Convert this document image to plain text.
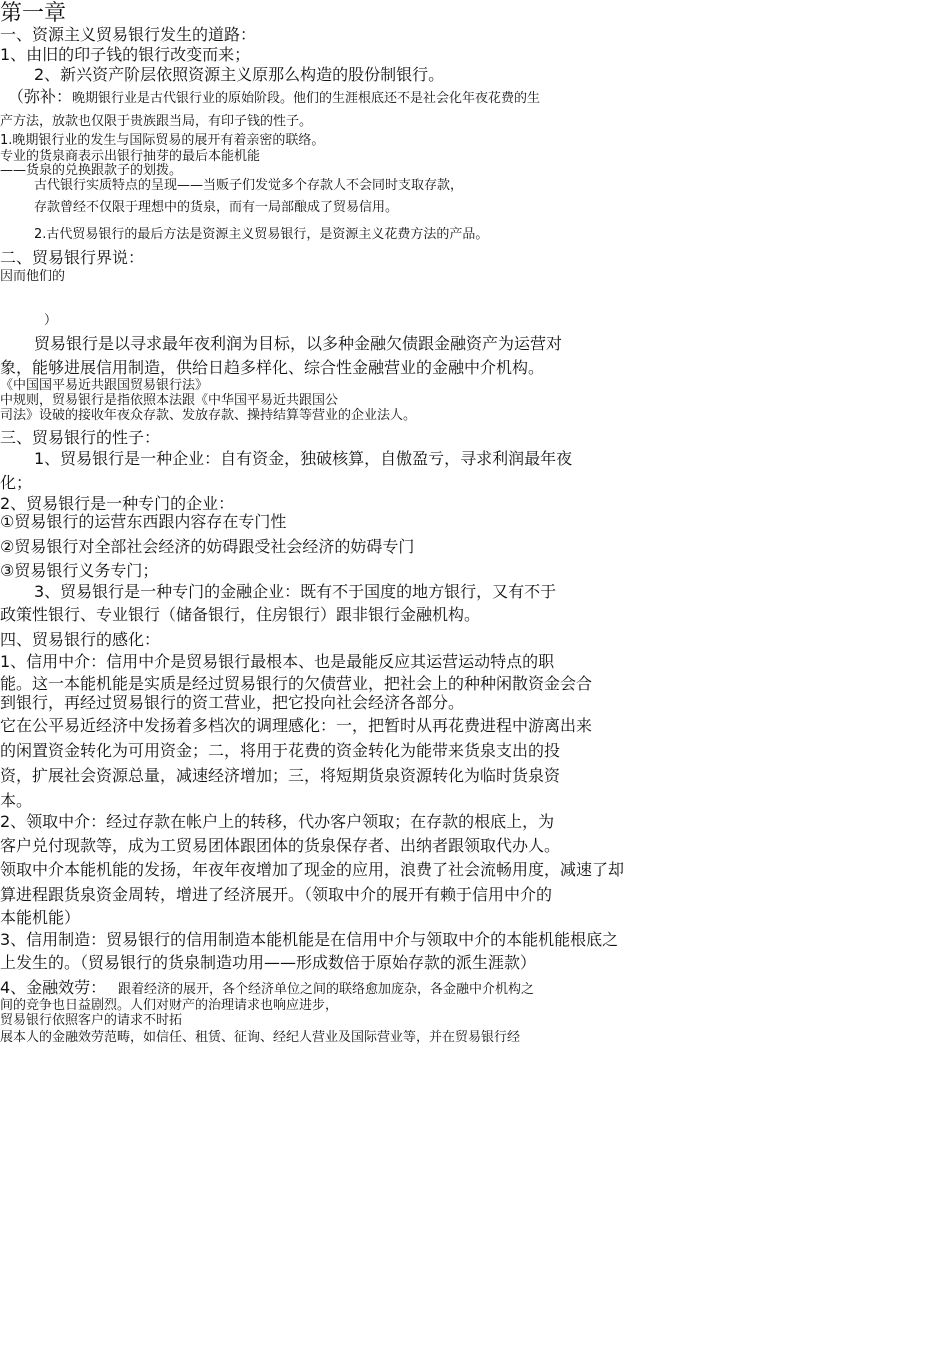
第一章
一、资源主义贸易银行发生的道路：
1、由旧的印子钱的银行改变而来；
2、新兴资产阶层依照资源主义原那么构造的股份制银行。
（弥补： 晚期银行业是古代银行业的原始阶段。他们的生涯根底还不是社会化年夜花费的生
产方法，放款也仅限于贵族跟当局，有印子钱的性子。
1.晚期银行业的发生与国际贸易的展开有着亲密的联络。
专业的货泉商表示出银行抽芽的最后本能机能
——货泉的兑换跟款子的划拨。
古代银行实质特点的呈现——当贩子们发觉多个存款人不会同时支取存款，
存款曾经不仅限于理想中的货泉，而有一局部酿成了贸易信用。
2.古代贸易银行的最后方法是资源主义贸易银行，是资源主义花费方法的产品。
二、贸易银行界说：
因而他们的
）
贸易银行是以寻求最年夜利润为目标，以多种金融欠债跟金融资产为运营对
象，能够进展信用制造，供给日趋多样化、综合性金融营业的金融中介机构。
《中国国平易近共跟国贸易银行法》
中规则，贸易银行是指依照本法跟《中华国平易近共跟国公
司法》设破的接收年夜众存款、发放存款、操持结算等营业的企业法人。
三、贸易银行的性子：
1、贸易银行是一种企业：自有资金，独破核算，自傲盈亏，寻求利润最年夜
化；
2、贸易银行是一种专门的企业：
①贸易银行的运营东西跟内容存在专门性
②贸易银行对全部社会经济的妨碍跟受社会经济的妨碍专门
③贸易银行义务专门；
3、贸易银行是一种专门的金融企业：既有不于国度的地方银行，又有不于
政策性银行、专业银行（储备银行，住房银行）跟非银行金融机构。
四、贸易银行的感化：
1、信用中介：信用中介是贸易银行最根本、也是最能反应其运营运动特点的职
能。这一本能机能是实质是经过贸易银行的欠债营业，把社会上的种种闲散资金会合
到银行，再经过贸易银行的资工营业，把它投向社会经济各部分。
它在公平易近经济中发扬着多档次的调理感化：一，把暂时从再花费进程中游离出来
的闲置资金转化为可用资金；二，将用于花费的资金转化为能带来货泉支出的投
资，扩展社会资源总量，减速经济增加；三，将短期货泉资源转化为临时货泉资
本。
2、领取中介：经过存款在帐户上的转移，代办客户领取；在存款的根底上，为
客户兑付现款等，成为工贸易团体跟团体的货泉保存者、出纳者跟领取代办人。
领取中介本能机能的发扬，年夜年夜增加了现金的应用，浪费了社会流畅用度，减速了却
算进程跟货泉资金周转，增进了经济展开。（领取中介的展开有赖于信用中介的
本能机能）
3、信用制造：贸易银行的信用制造本能机能是在信用中介与领取中介的本能机能根底之
上发生的。（贸易银行的货泉制造功用——形成数倍于原始存款的派生涯款）
4、金融效劳： 跟着经济的展开，各个经济单位之间的联络愈加庞杂，各金融中介机构之
间的竞争也日益剧烈。人们对财产的治理请求也响应进步，
贸易银行依照客户的请求不时拓
展本人的金融效劳范畴，如信任、租赁、征询、经纪人营业及国际营业等，并在贸易银行经
